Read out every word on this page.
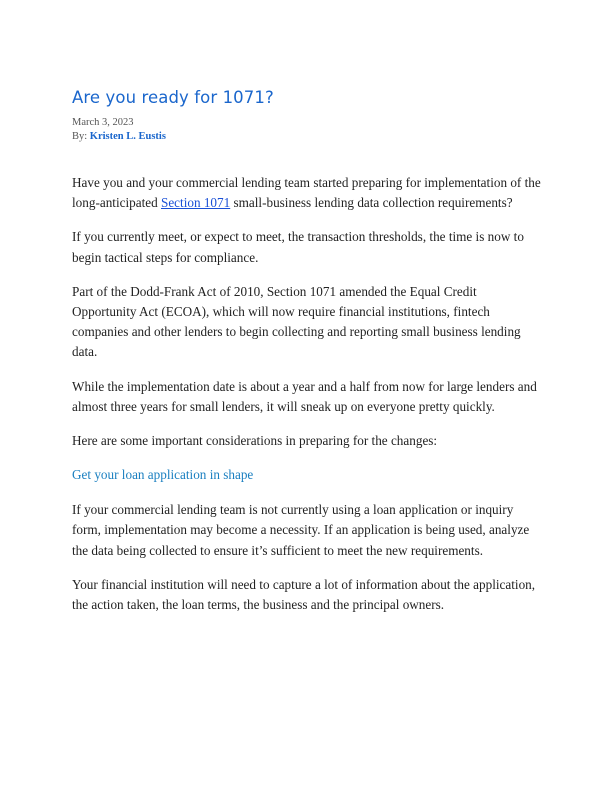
Are you ready for 1071?
March 3, 2023
By: Kristen L. Eustis

Have you and your commercial lending team started preparing for implementation of the long-anticipated Section 1071 small-business lending data collection requirements?

If you currently meet, or expect to meet, the transaction thresholds, the time is now to begin tactical steps for compliance.

Part of the Dodd-Frank Act of 2010, Section 1071 amended the Equal Credit Opportunity Act (ECOA), which will now require financial institutions, fintech companies and other lenders to begin collecting and reporting small business lending data.

While the implementation date is about a year and a half from now for large lenders and almost three years for small lenders, it will sneak up on everyone pretty quickly.

Here are some important considerations in preparing for the changes:

Get your loan application in shape

If your commercial lending team is not currently using a loan application or inquiry form, implementation may become a necessity. If an application is being used, analyze the data being collected to ensure it’s sufficient to meet the new requirements.

Your financial institution will need to capture a lot of information about the application, the action taken, the loan terms, the business and the principal owners.
